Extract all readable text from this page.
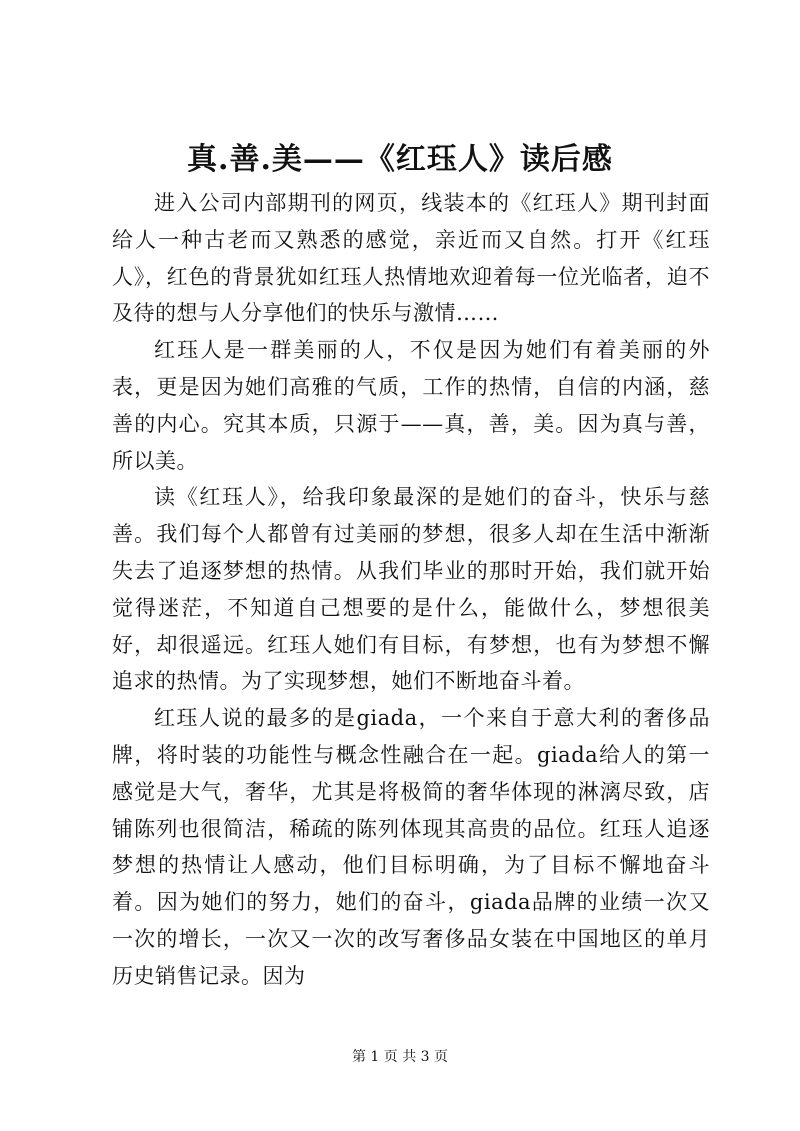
真.善.美——《红珏人》读后感

进入公司内部期刊的网页，线装本的《红珏人》期刊封面给人一种古老而又熟悉的感觉，亲近而又自然。打开《红珏人》，红色的背景犹如红珏人热情地欢迎着每一位光临者，迫不及待的想与人分享他们的快乐与激情……

红珏人是一群美丽的人，不仅是因为她们有着美丽的外表，更是因为她们高雅的气质，工作的热情，自信的内涵，慈善的内心。究其本质，只源于——真，善，美。因为真与善，所以美。

读《红珏人》，给我印象最深的是她们的奋斗，快乐与慈善。我们每个人都曾有过美丽的梦想，很多人却在生活中渐渐失去了追逐梦想的热情。从我们毕业的那时开始，我们就开始觉得迷茫，不知道自己想要的是什么，能做什么，梦想很美好，却很遥远。红珏人她们有目标，有梦想，也有为梦想不懈追求的热情。为了实现梦想，她们不断地奋斗着。

红珏人说的最多的是giada，一个来自于意大利的奢侈品牌，将时装的功能性与概念性融合在一起。giada给人的第一感觉是大气，奢华，尤其是将极简的奢华体现的淋漓尽致，店铺陈列也很简洁，稀疏的陈列体现其高贵的品位。红珏人追逐梦想的热情让人感动，他们目标明确，为了目标不懈地奋斗着。因为她们的努力，她们的奋斗，giada品牌的业绩一次又一次的增长，一次又一次的改写奢侈品女装在中国地区的单月历史销售记录。因为

第 1 页 共 3 页
